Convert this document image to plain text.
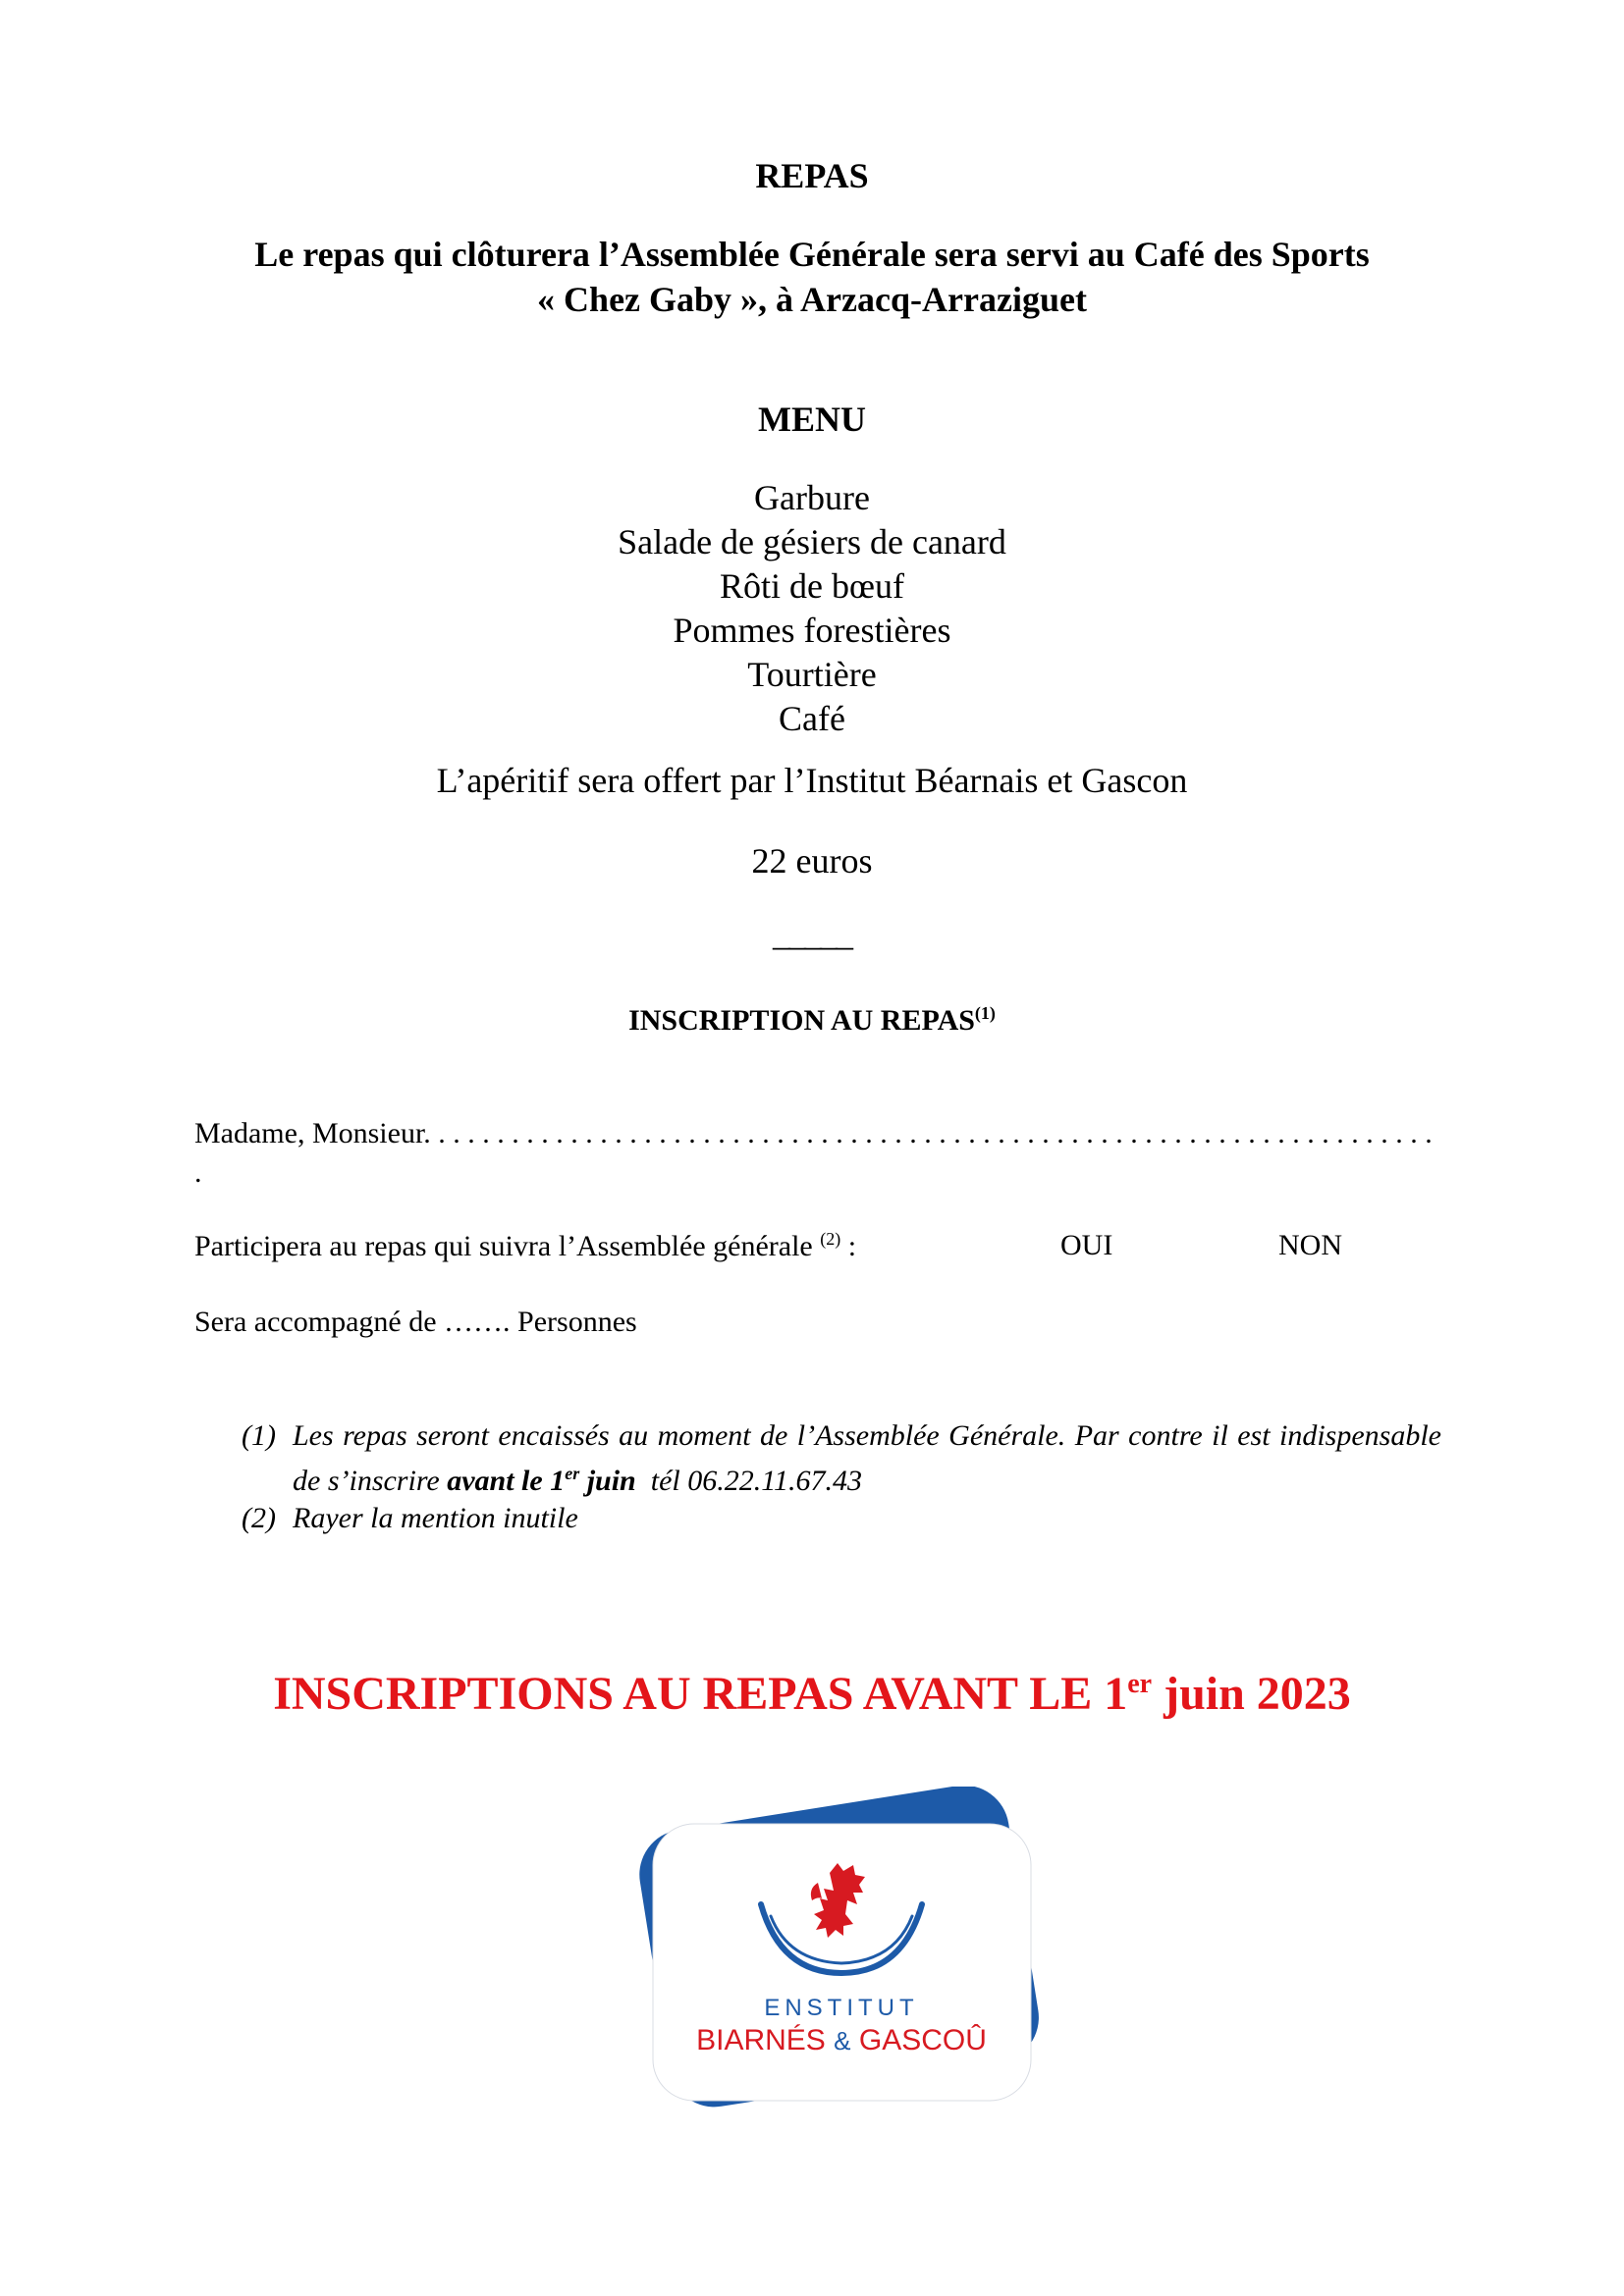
REPAS
Le repas qui clôturera l’Assemblée Générale sera servi au Café des Sports
« Chez Gaby », à Arzacq-Arraziguet
MENU
Garbure
Salade de gésiers de canard
Rôti de bœuf
Pommes forestières
Tourtière
Café
L’apéritif sera offert par l’Institut Béarnais et Gascon
22 euros
_____
INSCRIPTION AU REPAS$^{(1)}$
Madame, Monsieur. . . . . . . . . . . . . . . . . . . . . . . . . . . . . . . . . . . . . . . . . . . . . . . . . . . . . . . . . . . . . . . . . . . . . .
Participera au repas qui suivra l’Assemblée générale $^{(2)}$ :	OUI	NON
Sera accompagné de ……. Personnes
(1) Les repas seront encaissés au moment de l’Assemblée Générale. Par contre il est indispensable de s’inscrire avant le 1er juin  tél 06.22.11.67.43
(2) Rayer la mention inutile
INSCRIPTIONS AU REPAS AVANT LE 1er juin 2023
ENSTITUT
BIARNÉS & GASCOÛ
